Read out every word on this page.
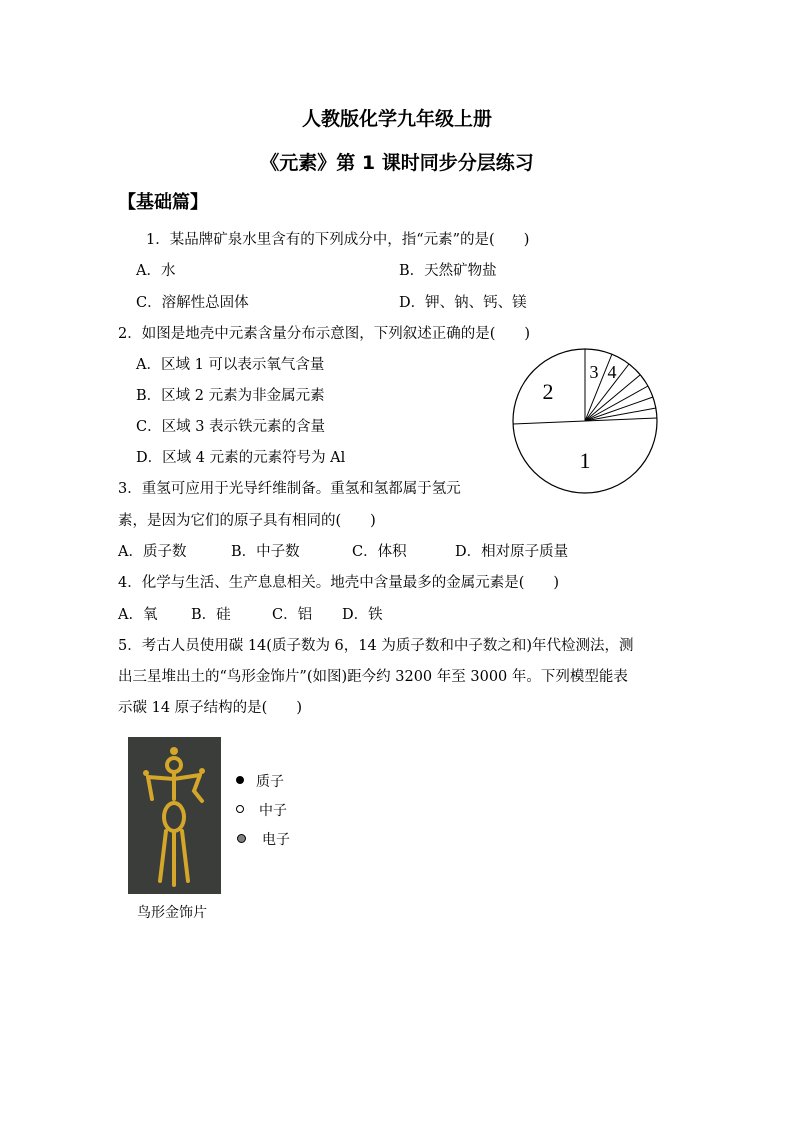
人教版化学九年级上册
《元素》第 1 课时同步分层练习
【基础篇】
1．某品牌矿泉水里含有的下列成分中，指“元素”的是(　　)
A．水	B．天然矿物盐
C．溶解性总固体	D．钾、钠、钙、镁
2．如图是地壳中元素含量分布示意图，下列叙述正确的是(　　)
A．区域 1 可以表示氧气含量
B．区域 2 元素为非金属元素
C．区域 3 表示铁元素的含量
D．区域 4 元素的元素符号为 Al	1
2
3 4
3．重氢可应用于光导纤维制备。重氢和氢都属于氢元
素，是因为它们的原子具有相同的(　　)
A．质子数	B．中子数	C．体积	D．相对原子质量
4．化学与生活、生产息息相关。地壳中含量最多的金属元素是(　　)
A．氧 B．硅	C．铝 D．铁
5．考古人员使用碳 14(质子数为 6，14 为质子数和中子数之和)年代检测法，测
出三星堆出土的“鸟形金饰片”(如图)距今约 3200 年至 3000 年。下列模型能表
示碳 14 原子结构的是(　　)
鸟形金饰片
质子
中子
电子
